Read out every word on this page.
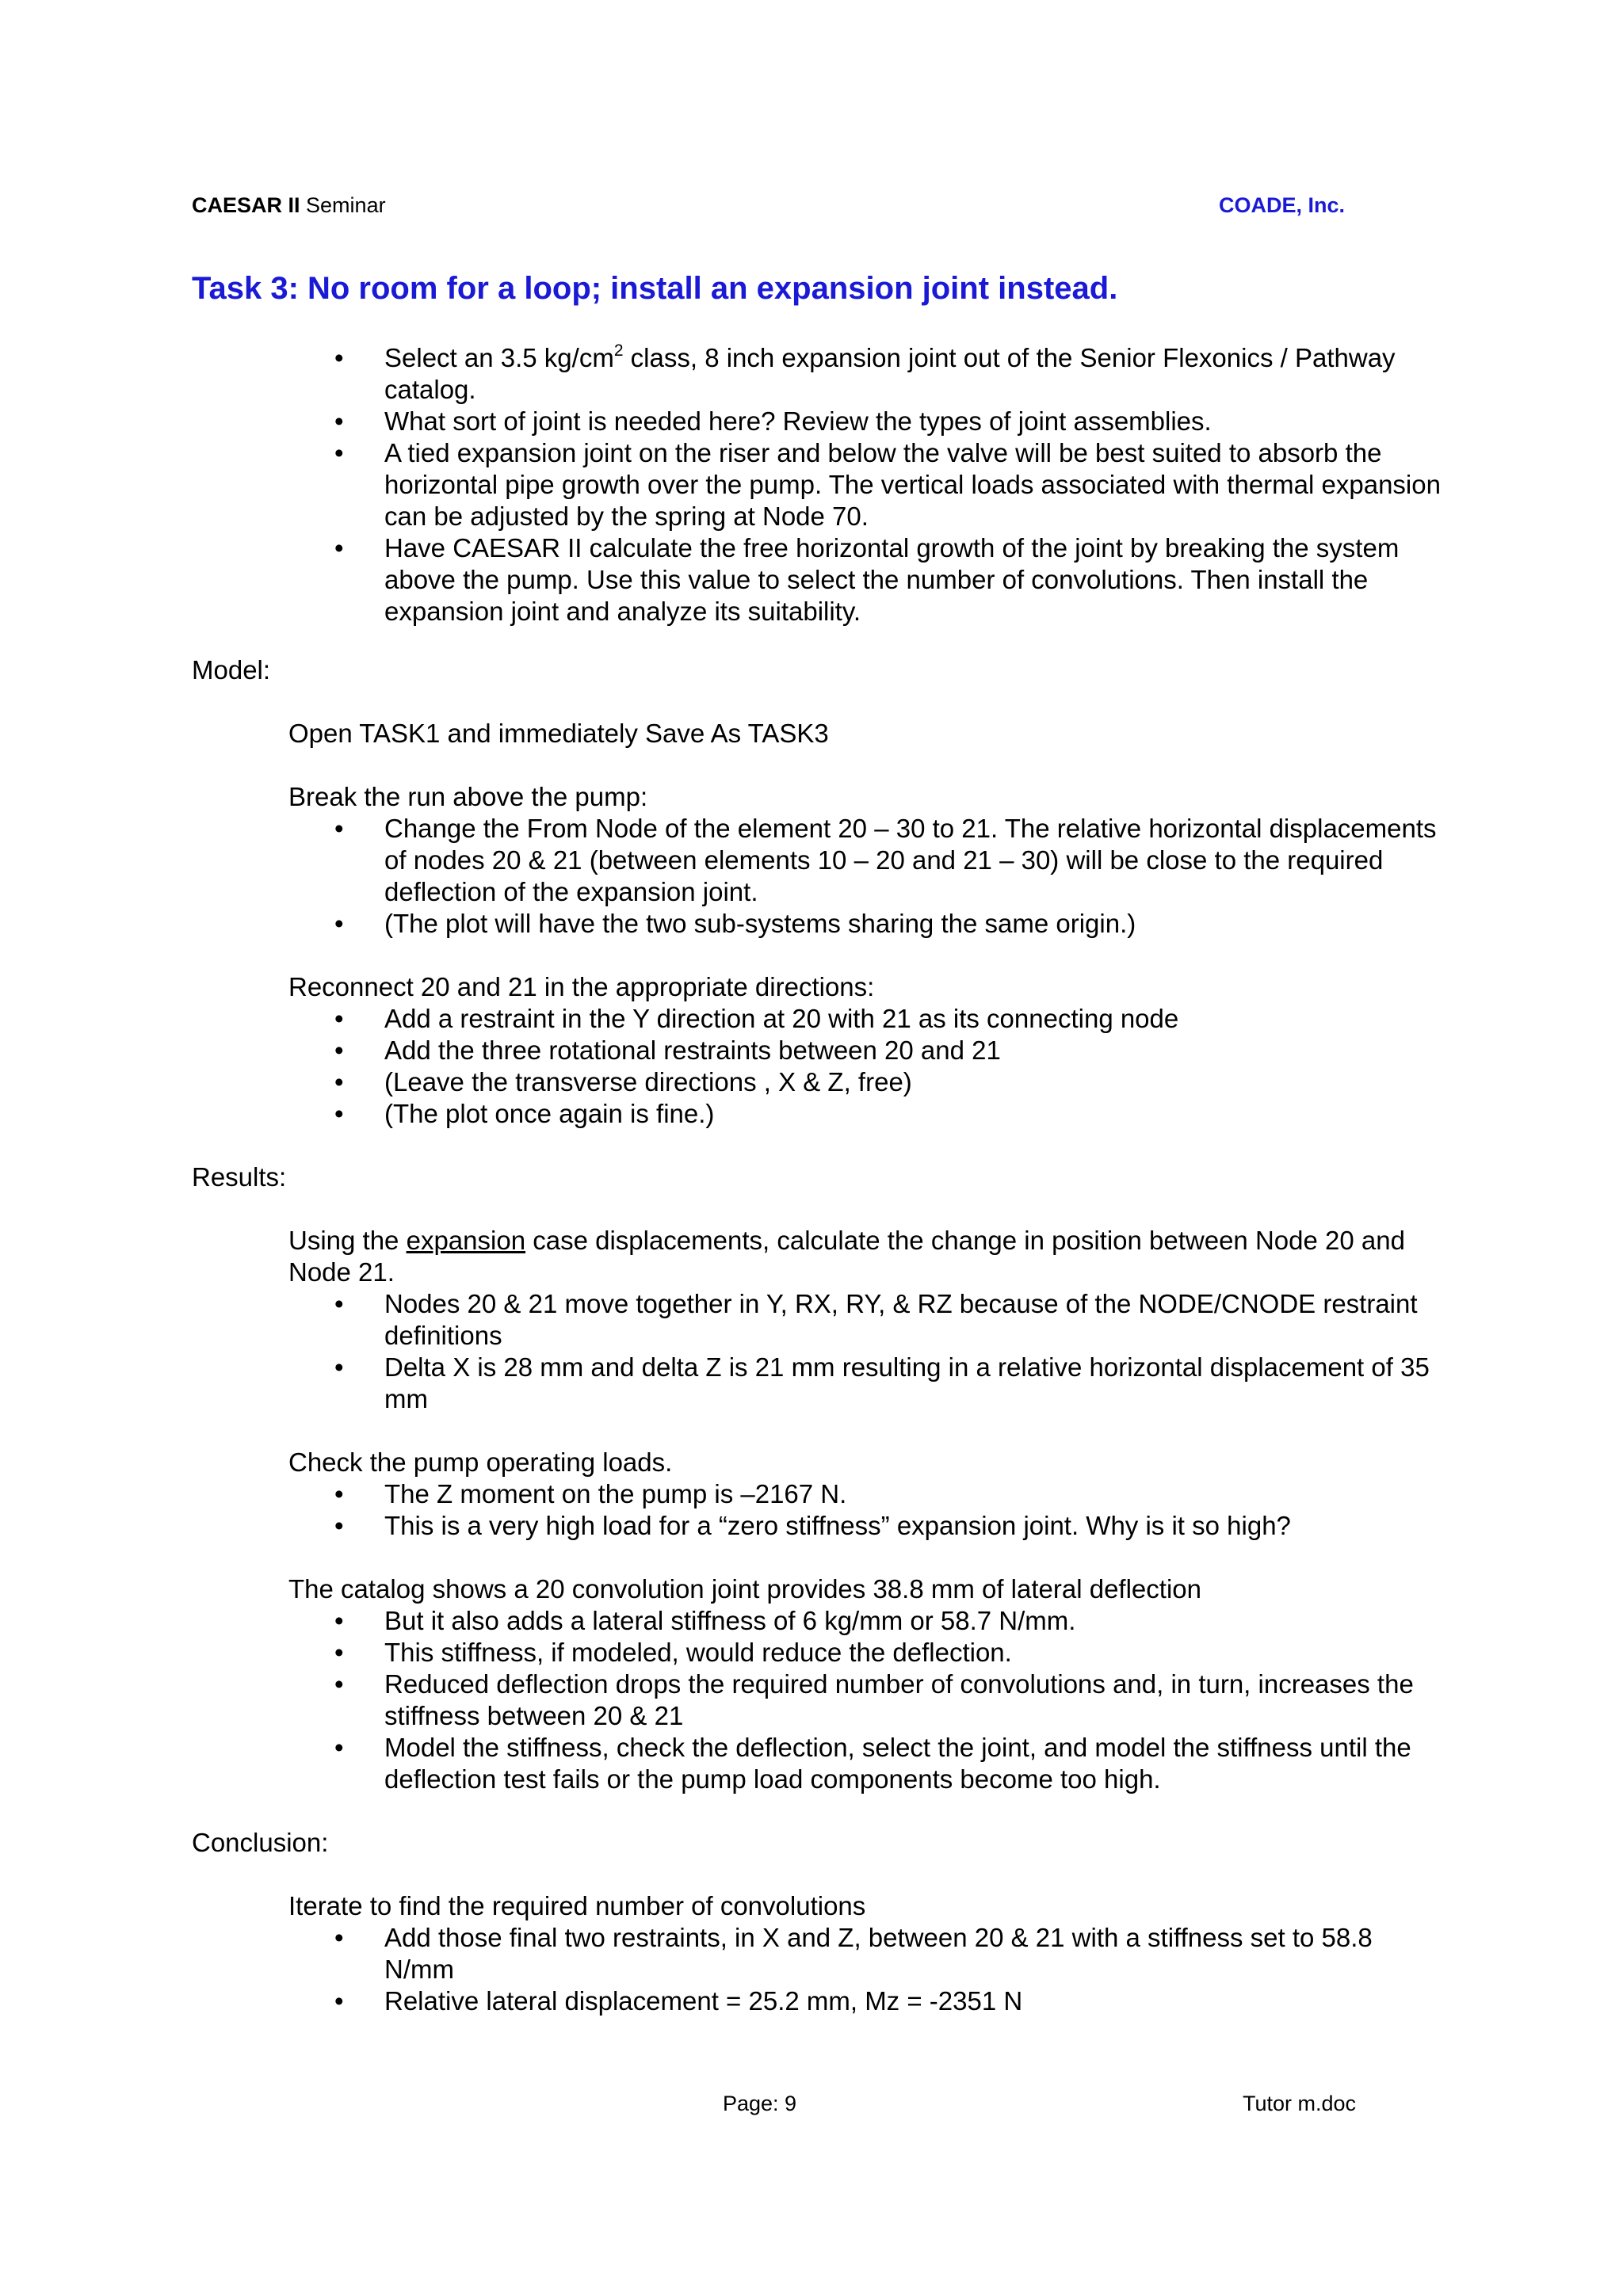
CAESAR II Seminar	COADE, Inc.
Task 3: No room for a loop; install an expansion joint instead.
• Select an 3.5 $kg/cm^2$ class, 8 inch expansion joint out of the Senior Flexonics / Pathway catalog.
• What sort of joint is needed here? Review the types of joint assemblies.
• A tied expansion joint on the riser and below the valve will be best suited to absorb the horizontal pipe growth over the pump. The vertical loads associated with thermal expansion can be adjusted by the spring at Node 70.
• Have CAESAR II calculate the free horizontal growth of the joint by breaking the system above the pump. Use this value to select the number of convolutions. Then install the expansion joint and analyze its suitability.
Model:

Open TASK1 and immediately Save As TASK3

Break the run above the pump:

• Change the From Node of the element 20 – 30 to 21. The relative horizontal displacements of nodes 20 & 21 (between elements 10 – 20 and 21 – 30) will be close to the required deflection of the expansion joint.
• (The plot will have the two sub-systems sharing the same origin.)

Reconnect 20 and 21 in the appropriate directions:

• Add a restraint in the Y direction at 20 with 21 as its connecting node
• Add the three rotational restraints between 20 and 21
• (Leave the transverse directions , X & Z, free)
• (The plot once again is fine.)
Results:

Using the expansion case displacements, calculate the change in position between Node 20 and Node 21.

• Nodes 20 & 21 move together in Y, RX, RY, & RZ because of the NODE/CNODE restraint definitions
• Delta X is 28 mm and delta Z is 21 mm resulting in a relative horizontal displacement of 35 mm

Check the pump operating loads.

• The Z moment on the pump is –2167 N.
• This is a very high load for a “zero stiffness” expansion joint. Why is it so high?

The catalog shows a 20 convolution joint provides 38.8 mm of lateral deflection

• But it also adds a lateral stiffness of 6 kg/mm or 58.7 N/mm.
• This stiffness, if modeled, would reduce the deflection.
• Reduced deflection drops the required number of convolutions and, in turn, increases the stiffness between 20 & 21
• Model the stiffness, check the deflection, select the joint, and model the stiffness until the deflection test fails or the pump load components become too high.
Conclusion:

Iterate to find the required number of convolutions

• Add those final two restraints, in X and Z, between 20 & 21 with a stiffness set to 58.8 N/mm
• Relative lateral displacement = 25.2 mm, Mz = -2351 N
Page: 9	Tutor m.doc
